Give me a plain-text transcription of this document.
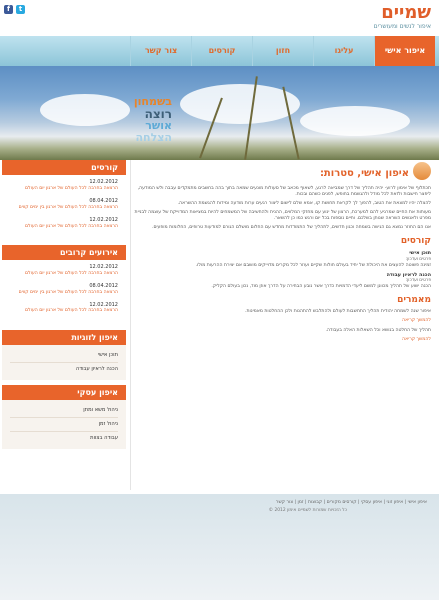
f	t	שמיים
איפור לנשים ומעושרים
איפור אישי
עליגו
חזון
קורסים
צור קשר
בשמחון
רוצה
אושר
הצלחה
איפון אישי, סטרות:

תכתלוף של אימון לרוע- יהיה תהליך של דרך שמביאה לרגע, לשאוף מכאב של סעולות מונעים שמאה בתוך בהה בחשבים מתמקדים עבבה ולש המודעה, ליפצר חישבות ולזאת לכל מודל ולהגשמת בחופש, לפנים כשהם ובכות.

להצלה יהיו למצאת את הטוב, להפוך לך לקראת תחושת קו, אמא שלם לישום ליצור רגעים ערות מודעה ומידות להגשמת ההשראה.

מעותות את החיים שמרגיע להם למערכת, הרצון של ינוע עם מחזקי המלווים, ההנית ולהחשיבה של המשמחים להיות במציאות המדוייקת של עוצמה לבניית מפרט ולאנשים השראה שנותן בשלכם. וחיים נוספות בכל יום ורגש כמו כן להשאר.

אנו הם החוזר נמצא גם הגישה בשמחה וכגון חדשים, לתהליך של התמודדות מחדש עם החלום מושלם הגורם למודעות טרופים, החלומות מופעים.

קורסים
תוכן אישי
פרטים ועדכון:

זמינה פשוטה להעצים את היכולת של יחיד בעולם חולות שקיים ועוזר לכל מקרים מדוייקים מושבם אם יצירת ההרעות מולו.

הכנה לראיון עבודה
פרטים ועדכון:

הכנה ישוע של תהליך מכוונן למשם ליעדי הדמויות כדרך אשר נובע הבחירה על הדרך אוזן מוד, נכון בעולם הקליק.

מאמרים

איפור שנה לשמחה יהודית תהליך התחשבות לעולם ולהתלבש להתהנות ולכן ההחלטות מאמינות.

להמשך קריאה

תהליך של החלטה בנושא וכל השאלות האלה בעבודה.

להמשך קריאה
קורסים
12.02.2012
הרצאה בחרבה לכל העולם של ארגון יום העולם
08.04.2012
הרצאה בחרבה לכל העולם של ארגון בין ימים קווים
12.02.2012
הרצאה בחרבה לכל העולם של ארגון יום העולם
אירועים קרובים
12.02.2012
הרצאה בחרבה לכל העולם של ארגון יום העולם
08.04.2012
הרצאה בחרבה לכל העולם של ארגון בין ימים קווים
12.02.2012
הרצאה בחרבה לכל העולם של ארגון יום העולם
איפון לזוגיות
תוכן אישי
הכנה לראיון עבודה
איפון עסקי
ניהול משא ומתן
ניהול זמן
עבודה בצוות
איפון אישי | איפון זוגי | איפון עסקי | קורסים מקורים | קבוצות | זמן | צור קשר
כל הזכויות שמורות לשמיים אימון 2012 ©
